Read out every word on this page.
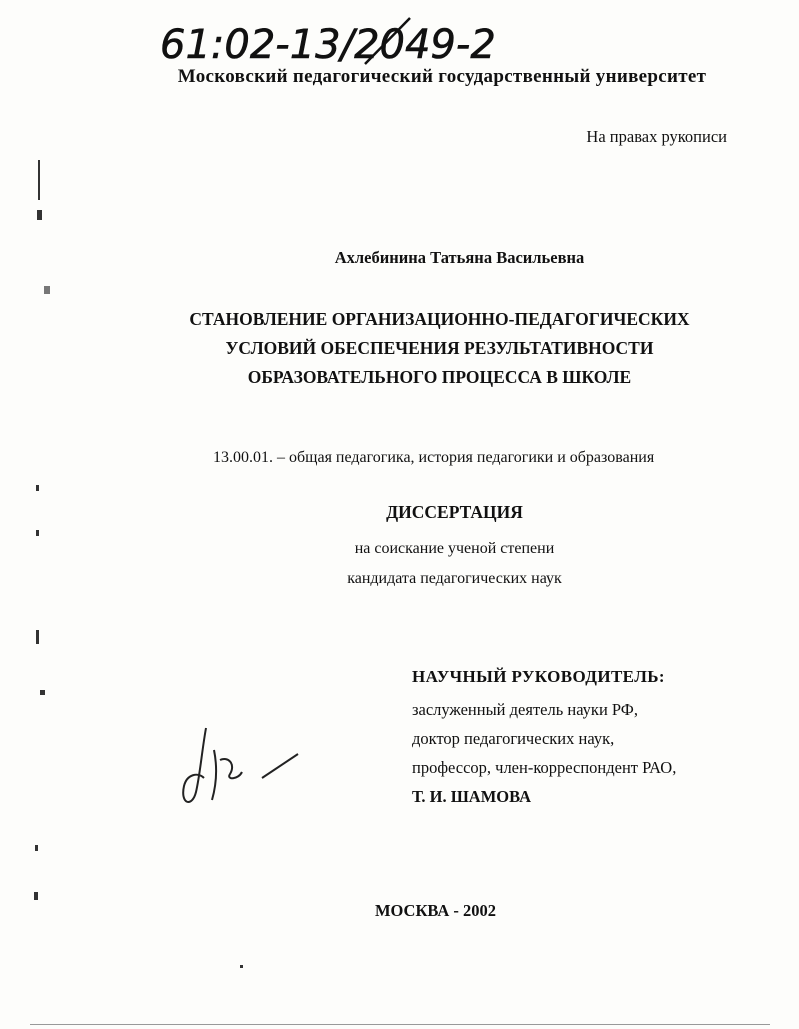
61:02-13/2049-2
Московский педагогический государственный университет
На правах рукописи
Ахлебинина Татьяна Васильевна
СТАНОВЛЕНИЕ ОРГАНИЗАЦИОННО-ПЕДАГОГИЧЕСКИХ
УСЛОВИЙ ОБЕСПЕЧЕНИЯ РЕЗУЛЬТАТИВНОСТИ
ОБРАЗОВАТЕЛЬНОГО ПРОЦЕССА В ШКОЛЕ
13.00.01. – общая педагогика, история педагогики и образования
ДИССЕРТАЦИЯ
на соискание ученой степени
кандидата педагогических наук
НАУЧНЫЙ РУКОВОДИТЕЛЬ:
заслуженный деятель науки РФ,
доктор педагогических наук,
профессор, член-корреспондент РАО,
Т. И. ШАМОВА
МОСКВА - 2002
